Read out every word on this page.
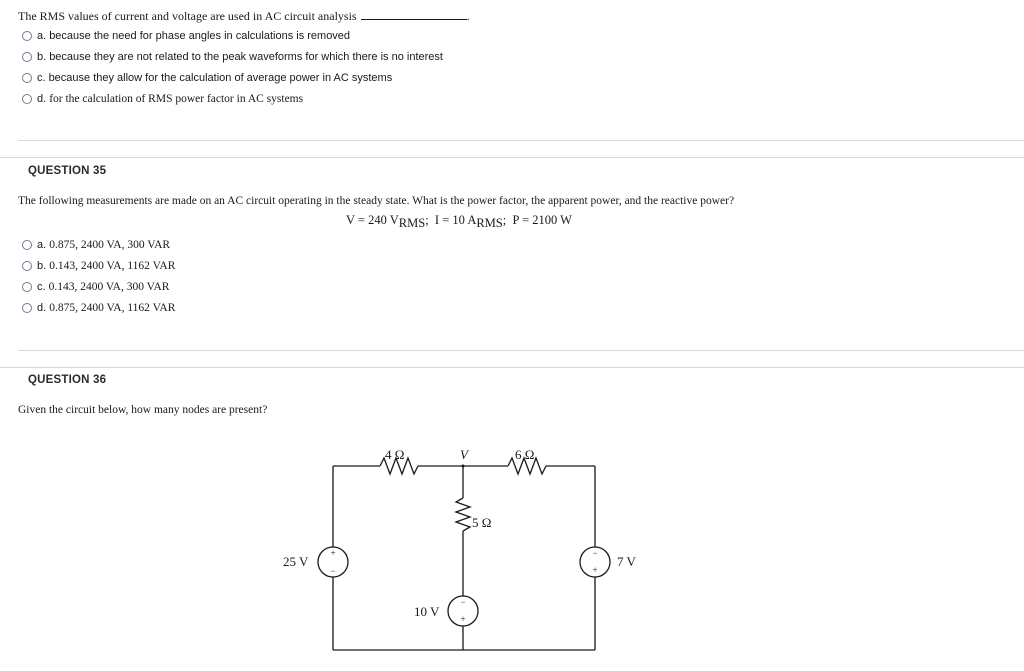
The RMS values of current and voltage are used in AC circuit analysis	.
a. because the need for phase angles in calculations is removed
b. because they are not related to the peak waveforms for which there is no interest
c. because they allow for the calculation of average power in AC systems
d. for the calculation of RMS power factor in AC systems
QUESTION 35
The following measurements are made on an AC circuit operating in the steady state. What is the power factor, the apparent power, and the reactive power?
V = 240 $V_{RMS}$; I = 10 $A_{RMS}$; P = 2100 W
a. 0.875, 2400 VA, 300 VAR
b. 0.143, 2400 VA, 1162 VAR
c. 0.143, 2400 VA, 300 VAR
d. 0.875, 2400 VA, 1162 VAR
QUESTION 36
Given the circuit below, how many nodes are present?
4 Ω	V	6 Ω
5 Ω
25 V	7 V
10 V
+
−
−
+
−
+
